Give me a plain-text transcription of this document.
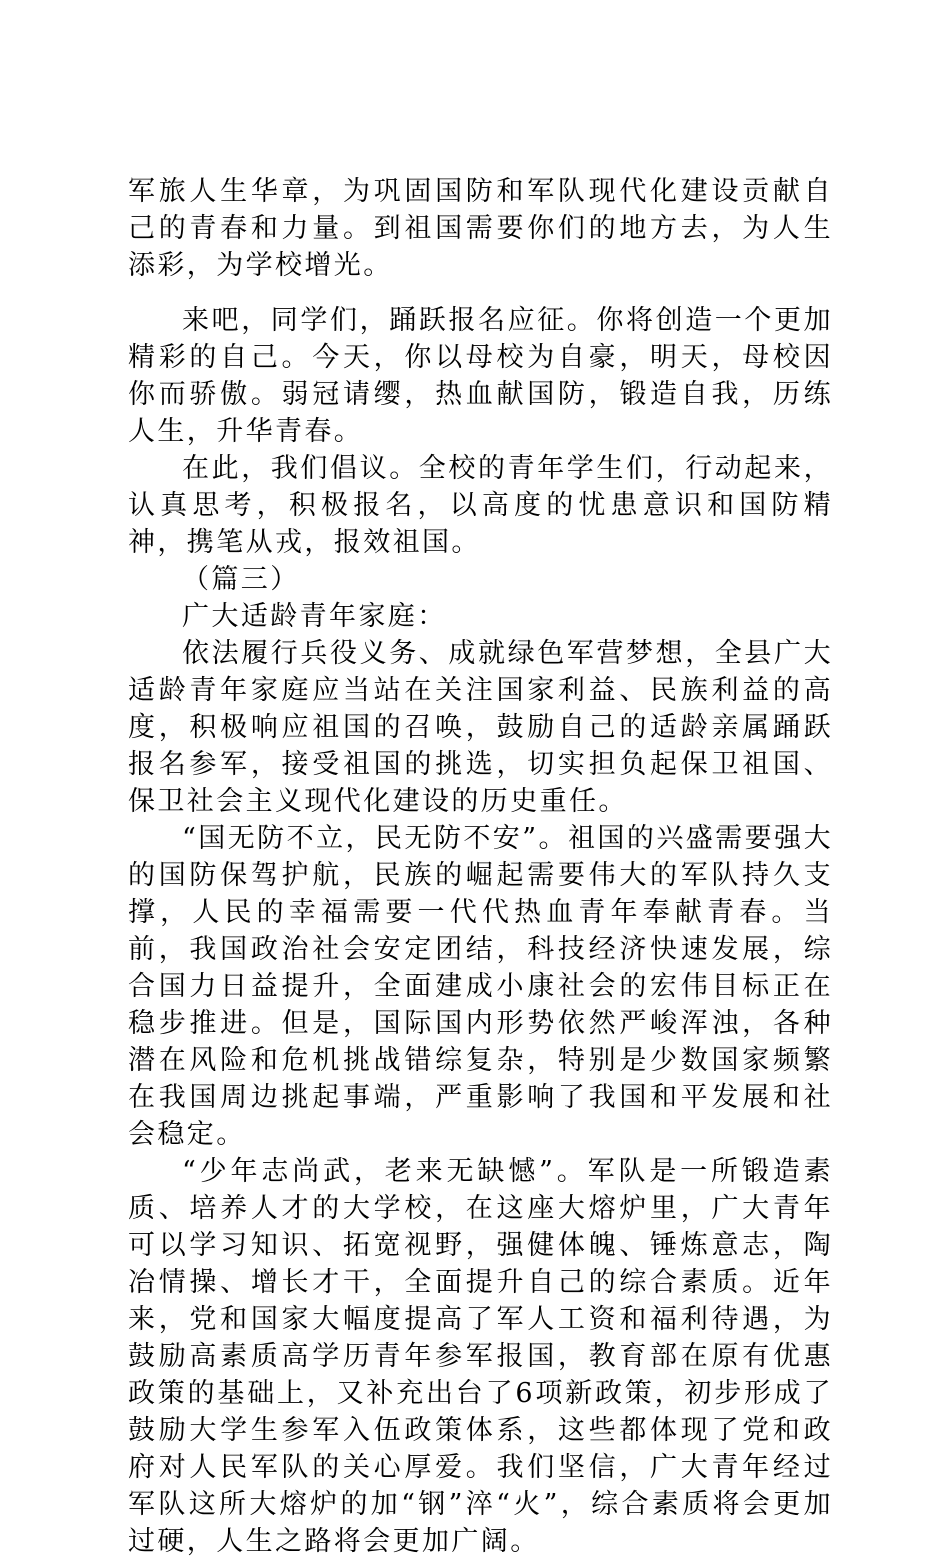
军旅人生华章，为巩固国防和军队现代化建设贡献自己的青春和力量。到祖国需要你们的地方去，为人生添彩，为学校增光。

来吧，同学们，踊跃报名应征。你将创造一个更加精彩的自己。今天，你以母校为自豪，明天，母校因你而骄傲。弱冠请缨，热血献国防，锻造自我，历练人生，升华青春。

在此，我们倡议。全校的青年学生们，行动起来，认真思考，积极报名，以高度的忧患意识和国防精神，携笔从戎，报效祖国。

（篇三）

广大适龄青年家庭：

依法履行兵役义务、成就绿色军营梦想，全县广大适龄青年家庭应当站在关注国家利益、民族利益的高度，积极响应祖国的召唤，鼓励自己的适龄亲属踊跃报名参军，接受祖国的挑选，切实担负起保卫祖国、保卫社会主义现代化建设的历史重任。

“国无防不立，民无防不安”。祖国的兴盛需要强大的国防保驾护航，民族的崛起需要伟大的军队持久支撑，人民的幸福需要一代代热血青年奉献青春。当前，我国政治社会安定团结，科技经济快速发展，综合国力日益提升，全面建成小康社会的宏伟目标正在稳步推进。但是，国际国内形势依然严峻浑浊，各种潜在风险和危机挑战错综复杂，特别是少数国家频繁在我国周边挑起事端，严重影响了我国和平发展和社会稳定。

“少年志尚武，老来无缺憾”。军队是一所锻造素质、培养人才的大学校，在这座大熔炉里，广大青年可以学习知识、拓宽视野，强健体魄、锤炼意志，陶冶情操、增长才干，全面提升自己的综合素质。近年来，党和国家大幅度提高了军人工资和福利待遇，为鼓励高素质高学历青年参军报国，教育部在原有优惠政策的基础上，又补充出台了6项新政策，初步形成了鼓励大学生参军入伍政策体系，这些都体现了党和政府对人民军队的关心厚爱。我们坚信，广大青年经过军队这所大熔炉的加“钢”淬“火”，综合素质将会更加过硬，人生之路将会更加广阔。
